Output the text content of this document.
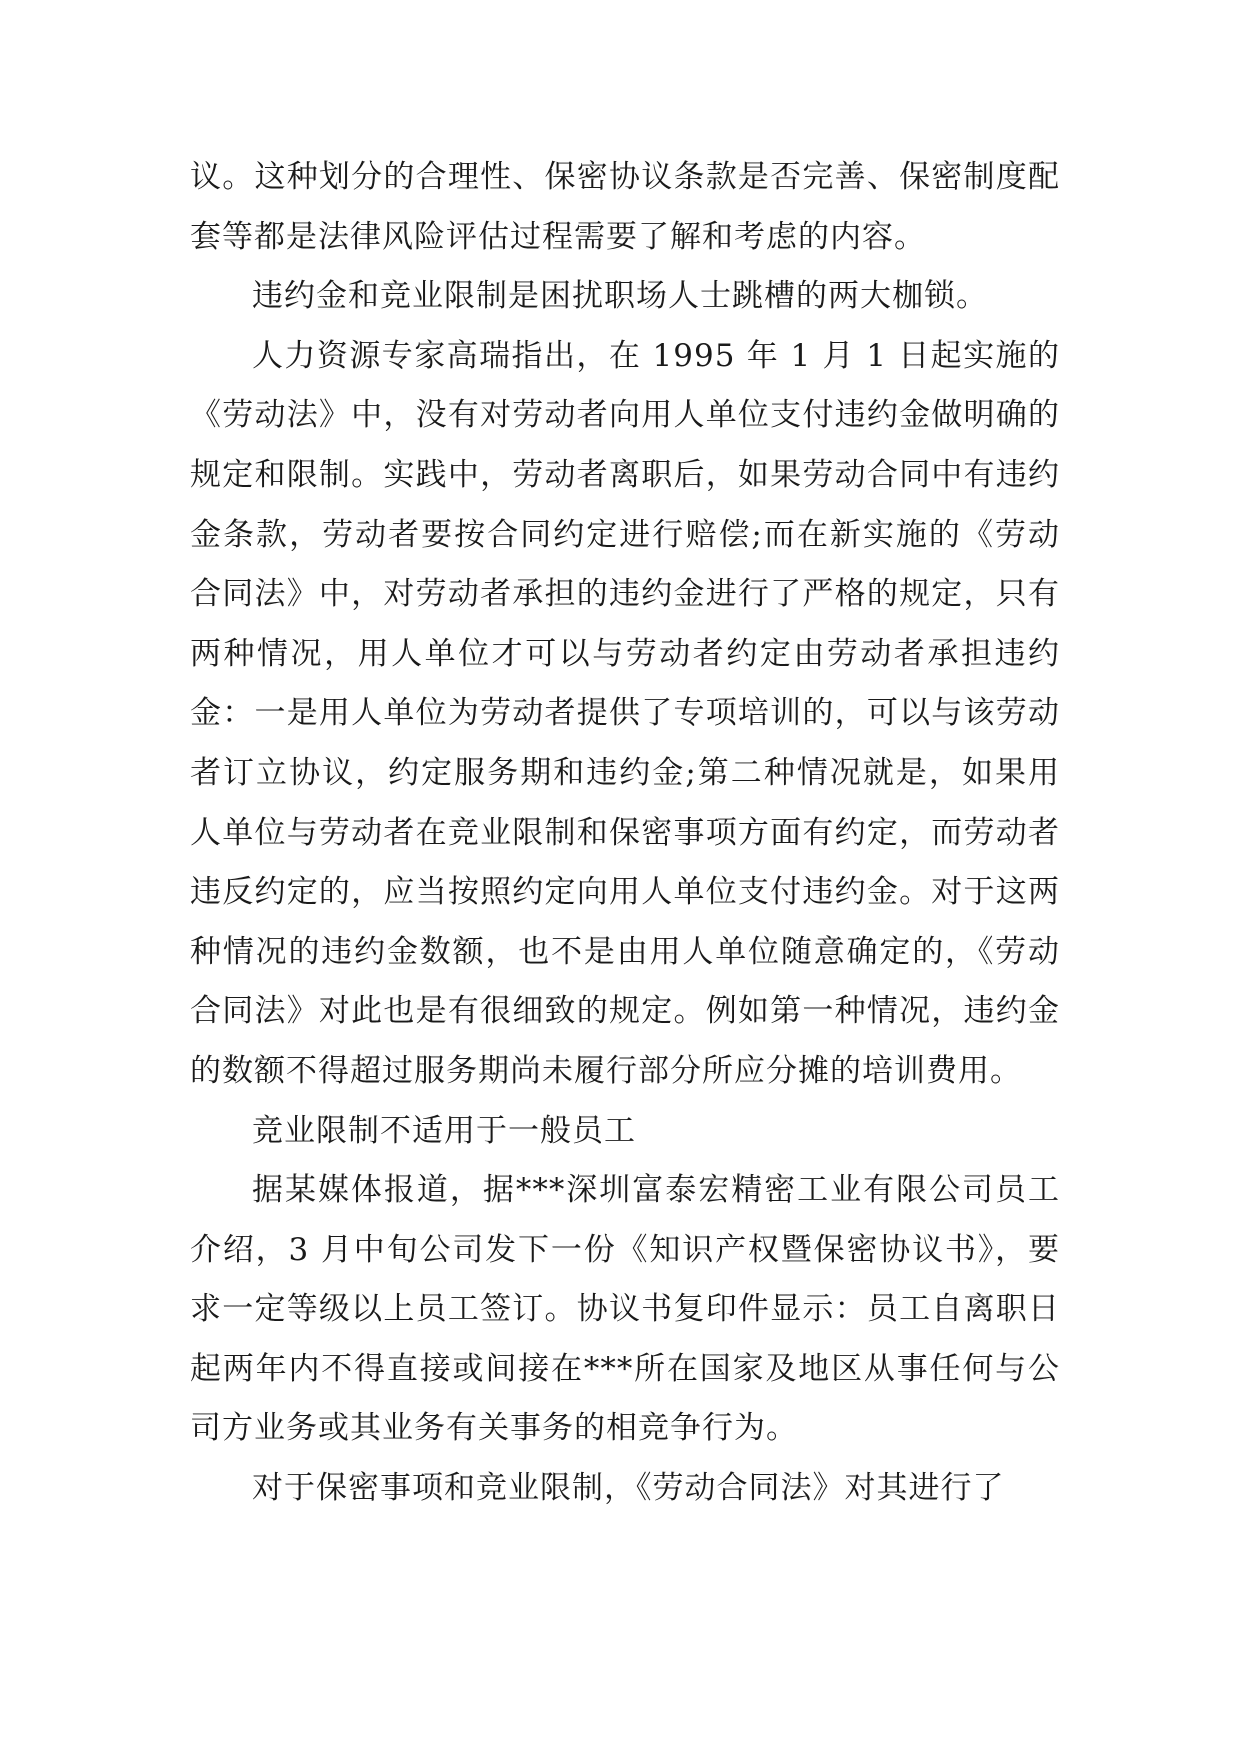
议。这种划分的合理性、保密协议条款是否完善、保密制度配套等都是法律风险评估过程需要了解和考虑的内容。

违约金和竞业限制是困扰职场人士跳槽的两大枷锁。

人力资源专家高瑞指出，在 1995 年 1 月 1 日起实施的《劳动法》中，没有对劳动者向用人单位支付违约金做明确的规定和限制。实践中，劳动者离职后，如果劳动合同中有违约金条款，劳动者要按合同约定进行赔偿;而在新实施的《劳动合同法》中，对劳动者承担的违约金进行了严格的规定，只有两种情况，用人单位才可以与劳动者约定由劳动者承担违约金：一是用人单位为劳动者提供了专项培训的，可以与该劳动者订立协议，约定服务期和违约金;第二种情况就是，如果用人单位与劳动者在竞业限制和保密事项方面有约定，而劳动者违反约定的，应当按照约定向用人单位支付违约金。对于这两种情况的违约金数额，也不是由用人单位随意确定的，《劳动合同法》对此也是有很细致的规定。例如第一种情况，违约金的数额不得超过服务期尚未履行部分所应分摊的培训费用。

竞业限制不适用于一般员工

据某媒体报道，据***深圳富泰宏精密工业有限公司员工介绍，3 月中旬公司发下一份《知识产权暨保密协议书》，要求一定等级以上员工签订。协议书复印件显示：员工自离职日起两年内不得直接或间接在***所在国家及地区从事任何与公司方业务或其业务有关事务的相竞争行为。

对于保密事项和竞业限制，《劳动合同法》对其进行了
